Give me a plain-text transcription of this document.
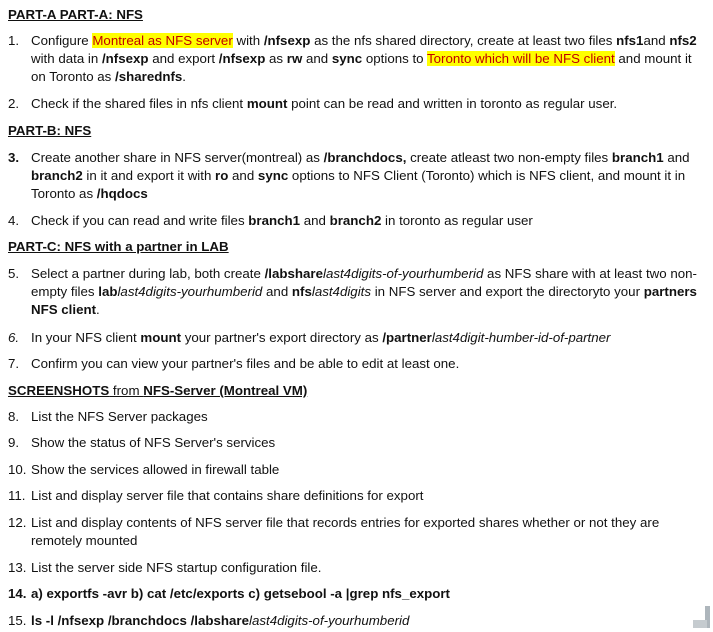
PART-A PART-A: NFS
1. Configure Montreal as NFS server with /nfsexp as the nfs shared directory, create at least two files nfs1and nfs2 with data in /nfsexp and export /nfsexp as rw and sync options to Toronto which will be NFS client and mount it on Toronto as /sharednfs.
2. Check if the shared files in nfs client mount point can be read and written in toronto as regular user.
PART-B: NFS
3. Create another share in NFS server(montreal) as /branchdocs, create atleast two non-empty files branch1 and branch2 in it and export it with ro and sync options to NFS Client (Toronto) which is NFS client, and mount it in Toronto as /hqdocs
4. Check if you can read and write files branch1 and branch2 in toronto as regular user
PART-C: NFS with a partner in LAB
5. Select a partner during lab, both create /labsharelast4digits-of-yourhumberid as NFS share with at least two non-empty files lablast4digits-yourhumberid and nfslast4digits in NFS server and export the directoryto your partners NFS client.
6. In your NFS client mount your partner's export directory as /partnerlast4digit-humber-id-of-partner
7. Confirm you can view your partner's files and be able to edit at least one.
SCREENSHOTS from NFS-Server (Montreal VM)
8. List the NFS Server packages
9. Show the status of NFS Server's services
10. Show the services allowed in firewall table
11. List and display server file that contains share definitions for export
12. List and display contents of NFS server file that records entries for exported shares whether or not they are remotely mounted
13. List the server side NFS startup configuration file.
14. a) exportfs -avr b) cat /etc/exports c) getsebool -a |grep nfs_export
15. ls -l /nfsexp /branchdocs /labsharelast4digits-of-yourhumberid
